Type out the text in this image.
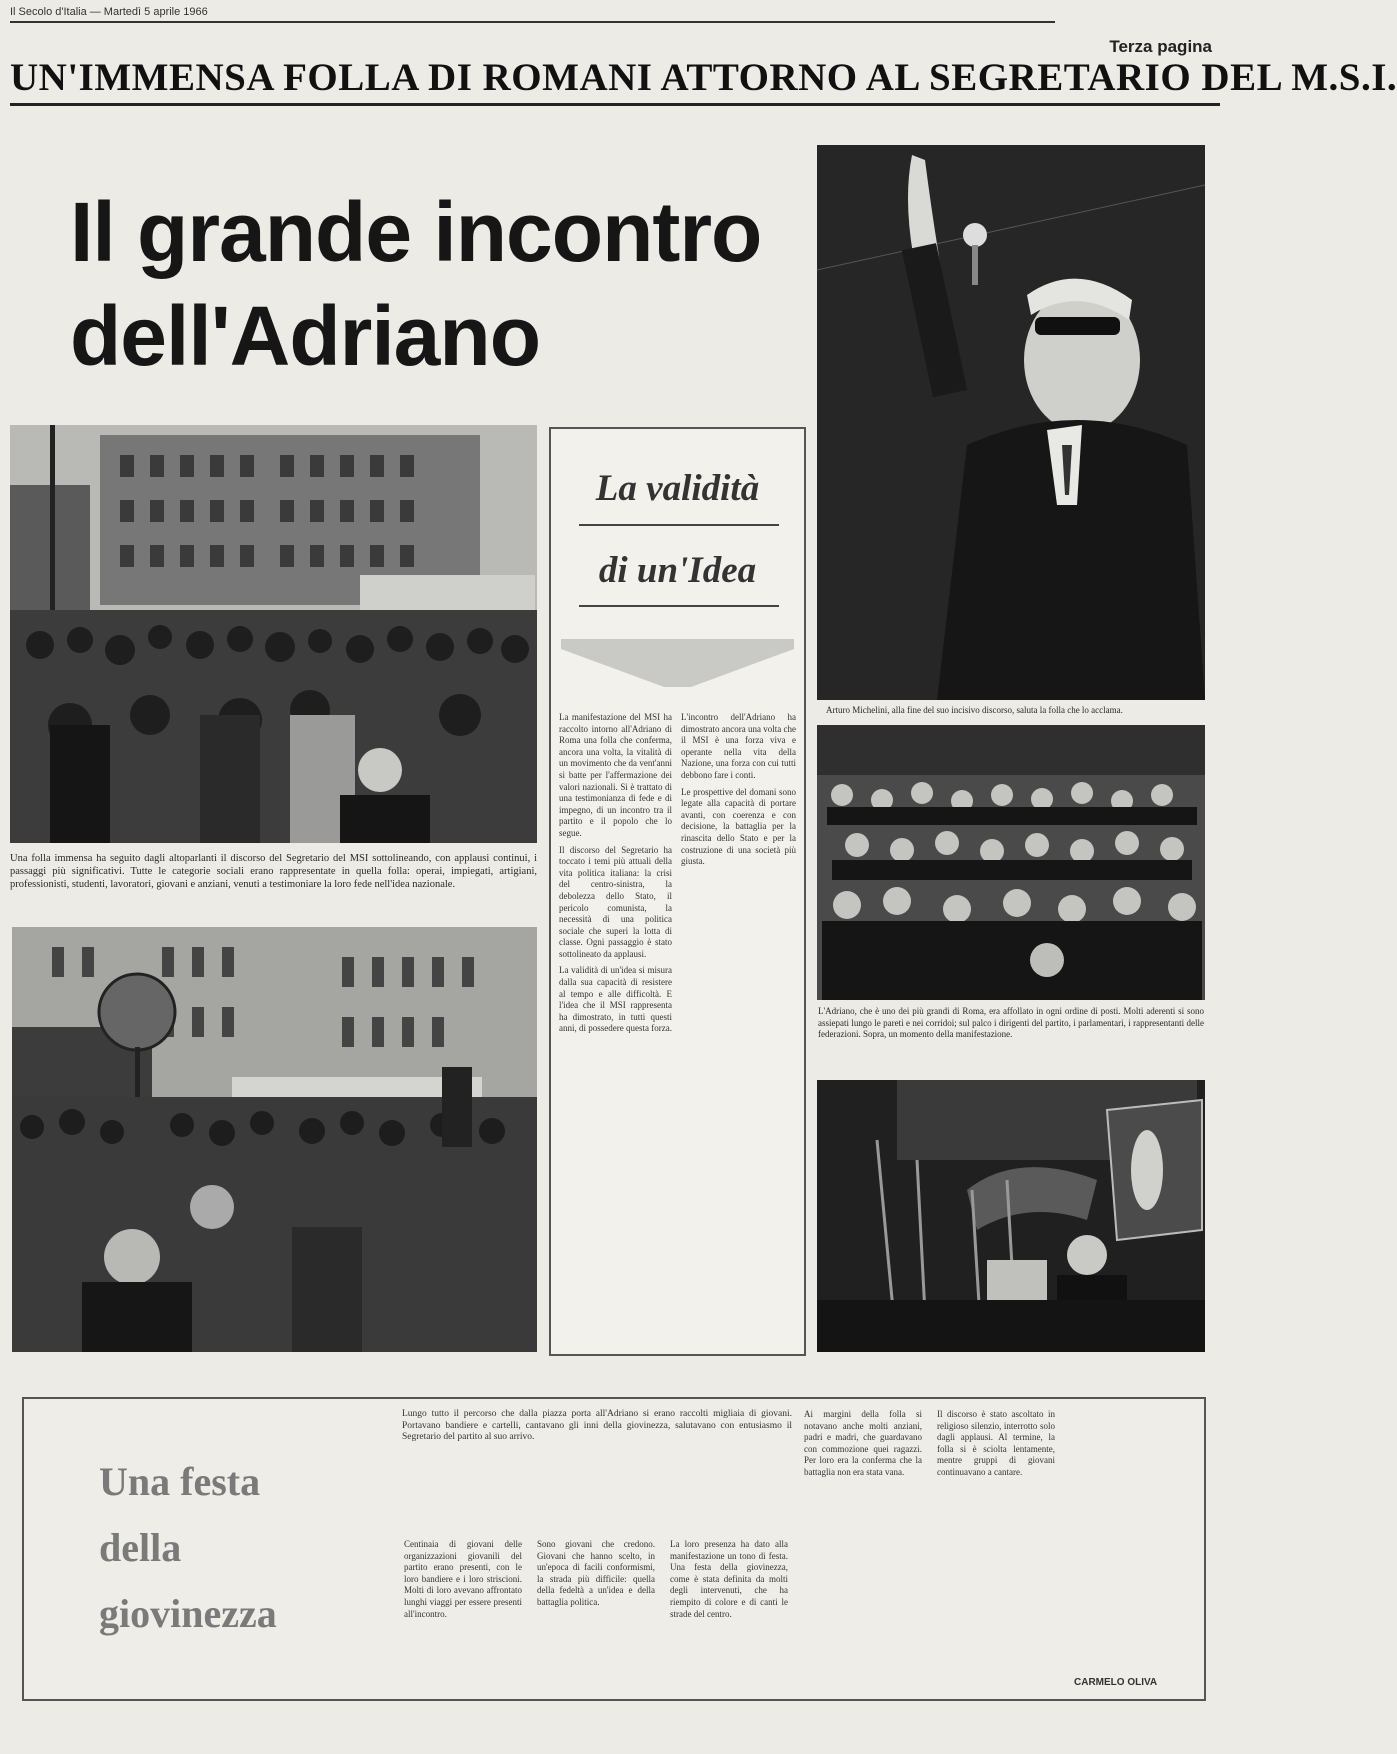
Il Secolo d'Italia — Martedì 5 aprile 1966
Terza pagina
UN'IMMENSA FOLLA DI ROMANI ATTORNO AL SEGRETARIO DEL M.S.I.
Il grande incontro
dell'Adriano
Una folla immensa ha seguito dagli altoparlanti il discorso del Segretario del MSI sottolineando, con applausi continui, i passaggi più significativi. Tutte le categorie sociali erano rappresentate in quella folla: operai, impiegati, artigiani, professionisti, studenti, lavoratori, giovani e anziani, venuti a testimoniare la loro fede nell'idea nazionale.
La validità
di un'Idea

La manifestazione del MSI ha raccolto intorno all'Adriano di Roma una folla che conferma, ancora una volta, la vitalità di un movimento che da vent'anni si batte per l'affermazione dei valori nazionali. Si è trattato di una testimonianza di fede e di impegno, di un incontro tra il partito e il popolo che lo segue.

Il discorso del Segretario ha toccato i temi più attuali della vita politica italiana: la crisi del centro-sinistra, la debolezza dello Stato, il pericolo comunista, la necessità di una politica sociale che superi la lotta di classe. Ogni passaggio è stato sottolineato da applausi.

La validità di un'idea si misura dalla sua capacità di resistere al tempo e alle difficoltà. E l'idea che il MSI rappresenta ha dimostrato, in tutti questi anni, di possedere questa forza.

L'incontro dell'Adriano ha dimostrato ancora una volta che il MSI è una forza viva e operante nella vita della Nazione, una forza con cui tutti debbono fare i conti.

Le prospettive del domani sono legate alla capacità di portare avanti, con coerenza e con decisione, la battaglia per la rinascita dello Stato e per la costruzione di una società più giusta.

Arturo Michelini, alla fine del suo incisivo discorso, saluta la folla che lo acclama.
L'Adriano, che è uno dei più grandi di Roma, era affollato in ogni ordine di posti. Molti aderenti si sono assiepati lungo le pareti e nei corridoi; sul palco i dirigenti del partito, i parlamentari, i rappresentanti delle federazioni. Sopra, un momento della manifestazione.
Una festa
della
giovinezza
Lungo tutto il percorso che dalla piazza porta all'Adriano si erano raccolti migliaia di giovani. Portavano bandiere e cartelli, cantavano gli inni della giovinezza, salutavano con entusiasmo il Segretario del partito al suo arrivo.
Centinaia di giovani delle organizzazioni giovanili del partito erano presenti, con le loro bandiere e i loro striscioni. Molti di loro avevano affrontato lunghi viaggi per essere presenti all'incontro.
Sono giovani che credono. Giovani che hanno scelto, in un'epoca di facili conformismi, la strada più difficile: quella della fedeltà a un'idea e della battaglia politica.
La loro presenza ha dato alla manifestazione un tono di festa. Una festa della giovinezza, come è stata definita da molti degli intervenuti, che ha riempito di colore e di canti le strade del centro.
Ai margini della folla si notavano anche molti anziani, padri e madri, che guardavano con commozione quei ragazzi. Per loro era la conferma che la battaglia non era stata vana.
Il discorso è stato ascoltato in religioso silenzio, interrotto solo dagli applausi. Al termine, la folla si è sciolta lentamente, mentre gruppi di giovani continuavano a cantare.
CARMELO OLIVA
